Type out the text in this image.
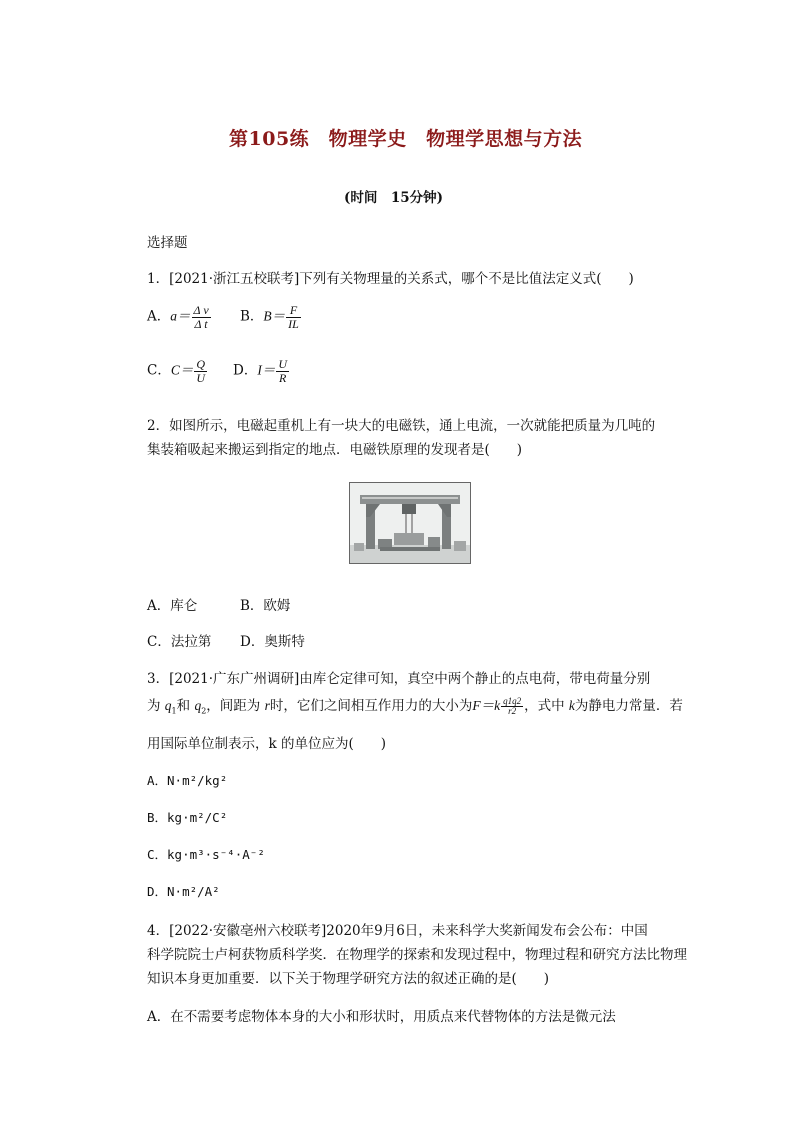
第105练　物理学史　物理学思想与方法
(时间　15分钟)
选择题
1．[2021·浙江五校联考]下列有关物理量的关系式，哪个不是比值法定义式(　　)
A．$a= \frac{\text{Δ v}}{\text{Δ t}}$ B．$B= \frac{F}{IL}$
C．$C= \frac{Q}{U}$ D．$I= \frac{U}{R}$
2．如图所示，电磁起重机上有一块大的电磁铁，通上电流，一次就能把质量为几吨的
集装箱吸起来搬运到指定的地点．电磁铁原理的发现者是(　　)
A．库仑	B．欧姆
C．法拉第 D．奥斯特
3．[2021·广东广州调研]由库仑定律可知，真空中两个静止的点电荷，带电荷量分别
为 $q_1$和 $q_2$，间距为 r时，它们之间相互作用力的大小为$F=k \frac{q1q2}{r2}$ ，式中 k为静电力常量．若
用国际单位制表示，k 的单位应为(　　)
A．N·m²/kg²
B．kg·m²/C²
C．kg·m³·s⁻⁴·A⁻²
D．N·m²/A²
4．[2022·安徽亳州六校联考]2020年9月6日，未来科学大奖新闻发布会公布：中国
科学院院士卢柯获物质科学奖．在物理学的探索和发现过程中，物理过程和研究方法比物理
知识本身更加重要．以下关于物理学研究方法的叙述正确的是(　　)
A．在不需要考虑物体本身的大小和形状时，用质点来代替物体的方法是微元法
